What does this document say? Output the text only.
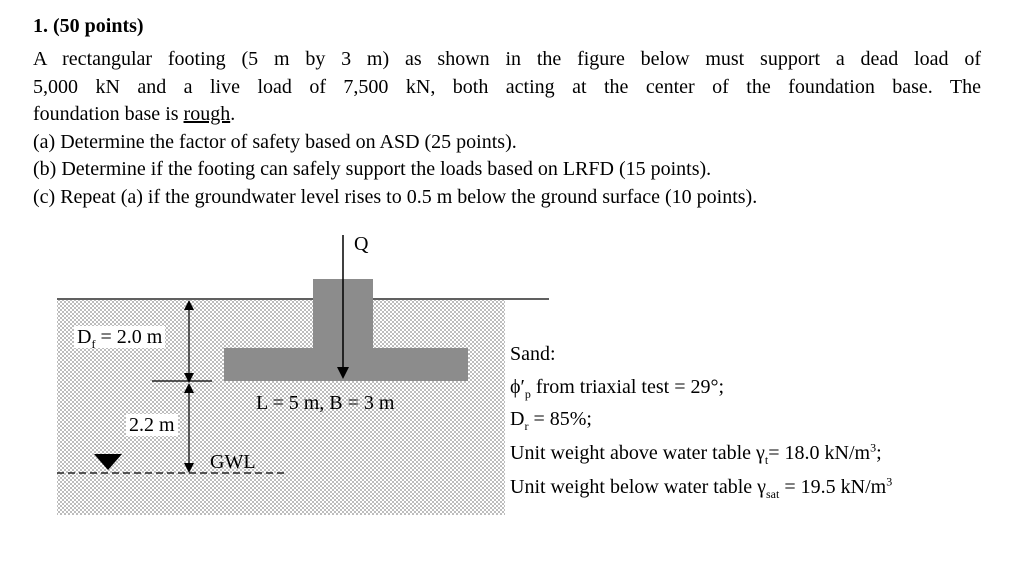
1. (50 points)
A rectangular footing (5 m by 3 m) as shown in the figure below must support a dead load of
5,000 kN and a live load of 7,500 kN, both acting at the center of the foundation base. The
foundation base is rough.
(a) Determine the factor of safety based on ASD (25 points).
(b) Determine if the footing can safely support the loads based on LRFD (15 points).
(c) Repeat (a) if the groundwater level rises to 0.5 m below the ground surface (10 points).
$D_f = 2.0$ m
2.2 m
L = 5 m, B = 3 m
GWL
Q
Sand:
$\phi'_p$ from triaxial test = 29°;
$D_r = 85\%$;
Unit weight above water table $\gamma_t= 18.0$ $kN/m^3$;
Unit weight below water table $\gamma_{sat} = 19.5$ $kN/m^3$
